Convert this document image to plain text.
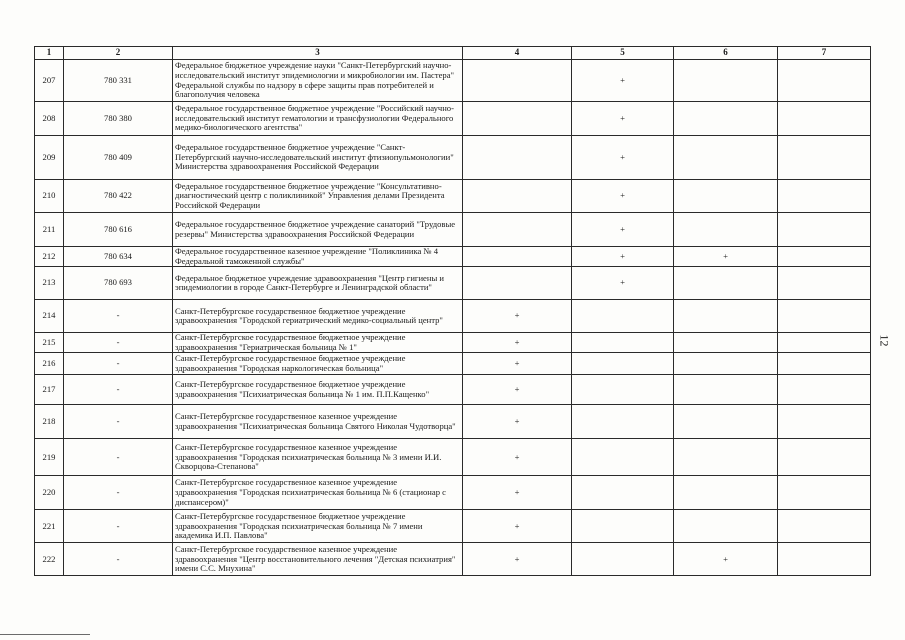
1	2	3	4	5	6	7
207	780 331	Федеральное бюджетное учреждение науки "Санкт-Петербургский научно-исследовательский институт эпидемиологии и микробиологии им. Пастера" Федеральной службы по надзору в сфере защиты прав потребителей и благополучия человека		+		
208	780 380	Федеральное государственное бюджетное учреждение "Российский научно-исследовательский институт гематологии и трансфузиологии Федерального медико-биологического агентства"		+		
209	780 409	Федеральное государственное бюджетное учреждение "Санкт-Петербургский научно-исследовательский институт фтизиопульмонологии" Министерства здравоохранения Российской Федерации		+		
210	780 422	Федеральное государственное бюджетное учреждение "Консультативно-диагностический центр с поликлиникой" Управления делами Президента Российской Федерации		+		
211	780 616	Федеральное государственное бюджетное учреждение санаторий "Трудовые резервы" Министерства здравоохранения Российской Федерации		+		
212	780 634	Федеральное государственное казенное учреждение "Поликлиника № 4 Федеральной таможенной службы"		+	+	
213	780 693	Федеральное бюджетное учреждение здравоохранения "Центр гигиены и эпидемиологии в городе Санкт-Петербурге и Ленинградской области"		+		
214	-	Санкт-Петербургское государственное бюджетное учреждение здравоохранения "Городской гериатрический медико-социальный центр"	+			
215	-	Санкт-Петербургское государственное бюджетное учреждение здравоохранения "Гериатрическая больница № 1"	+			
216	-	Санкт-Петербургское государственное бюджетное учреждение здравоохранения "Городская наркологическая больница"	+			
217	-	Санкт-Петербургское государственное бюджетное учреждение здравоохранения "Психиатрическая больница № 1 им. П.П.Кащенко"	+			
218	-	Санкт-Петербургское государственное казенное учреждение здравоохранения "Психиатрическая больница Святого Николая Чудотворца"	+			
219	-	Санкт-Петербургское государственное казенное учреждение здравоохранения "Городская психиатрическая больница № 3 имени И.И. Скворцова-Степанова"	+			
220	-	Санкт-Петербургское государственное казенное учреждение здравоохранения "Городская психиатрическая больница № 6 (стационар с диспансером)"	+			
221	-	Санкт-Петербургское государственное бюджетное учреждение здравоохранения "Городская психиатрическая больница № 7 имени академика И.П. Павлова"	+			
222	-	Санкт-Петербургское государственное казенное учреждение здравоохранения "Центр восстановительного лечения "Детская психиатрия" имени С.С. Мнухина"	+		+	
12
